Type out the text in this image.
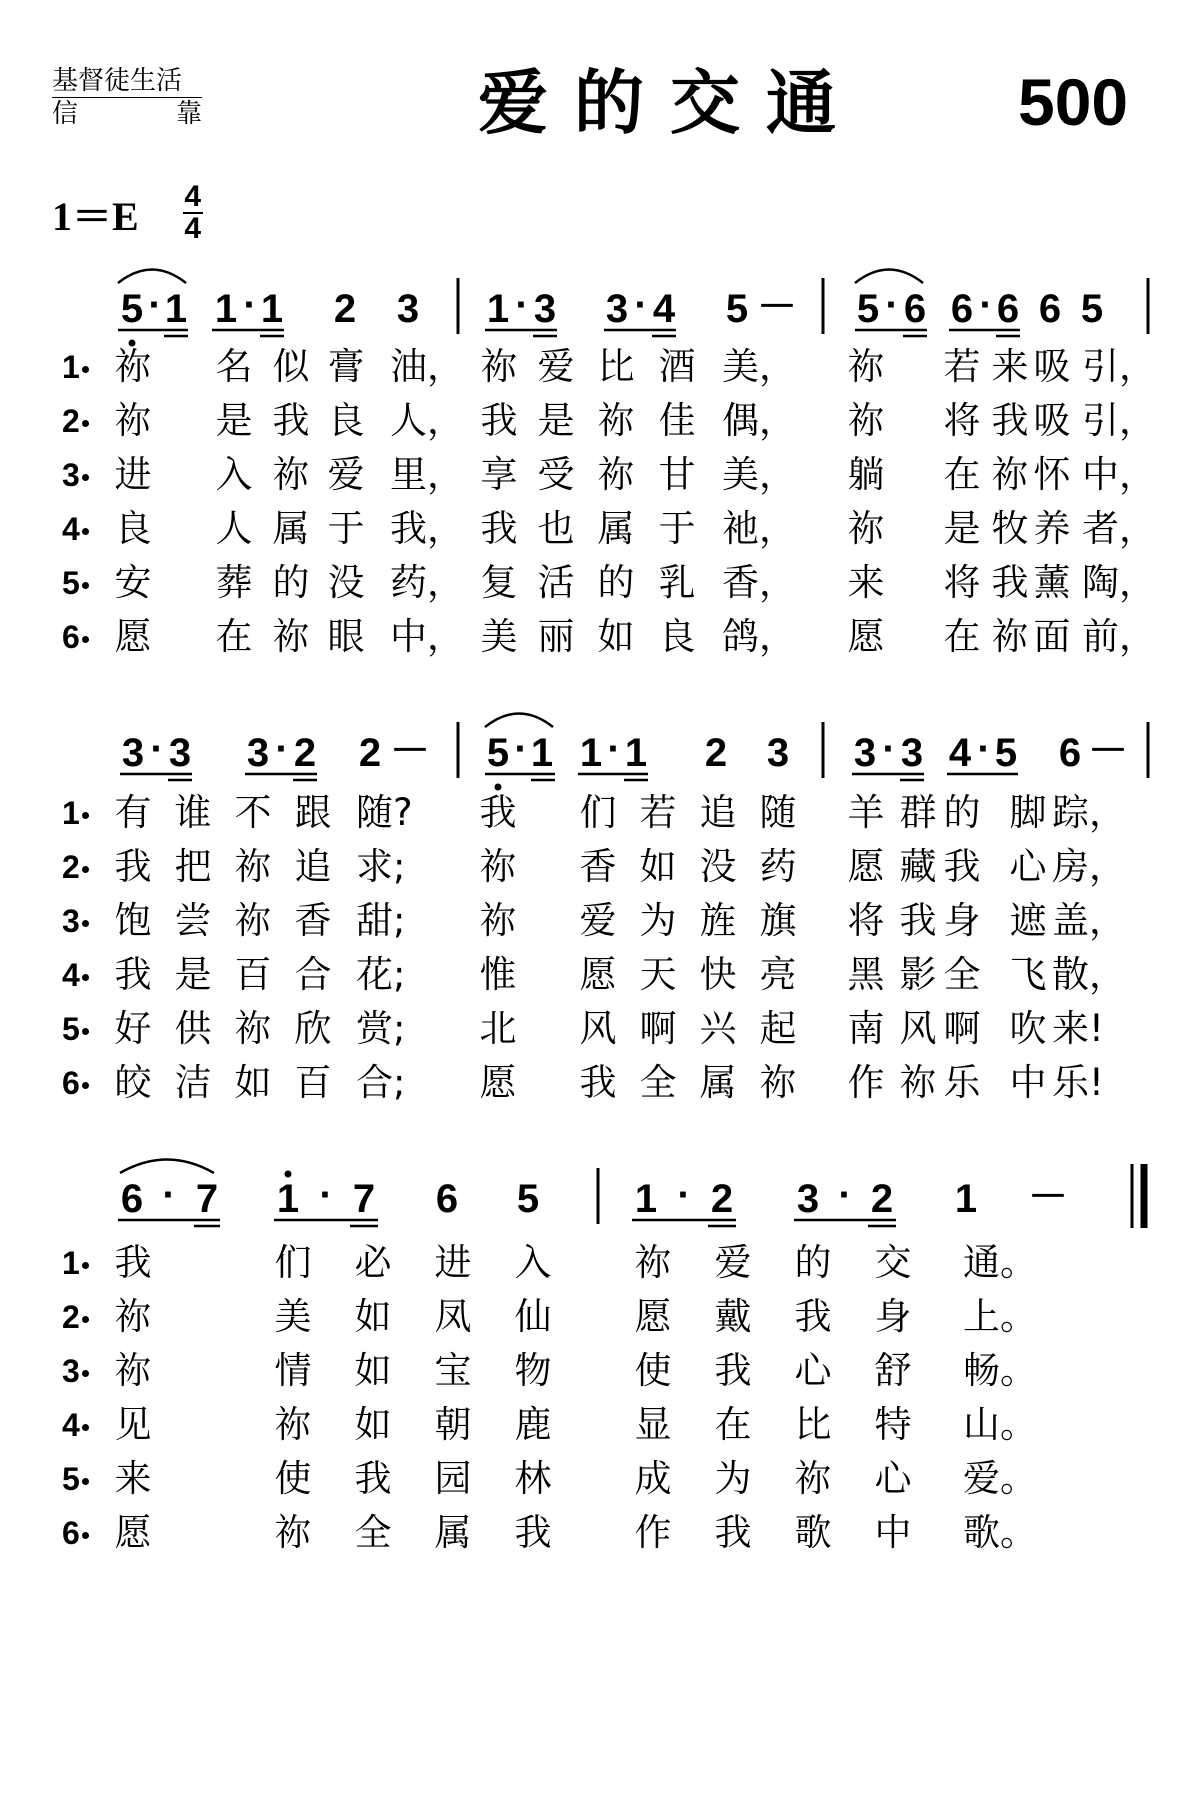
基督徒生活
信	靠	爱的交通	500
1＝E 4
4
5 · 1 1 · 1 2 3 1 · 3 3 · 4 5 － 5 · 6 6 · 6 6 5
1 祢 名 似 膏 油， 祢 爱 比 酒 美， 祢 若 来 吸 引，
2 祢 是 我 良 人， 我 是 祢 佳 偶， 祢 将 我 吸 引，
3 进 入 祢 爱 里， 享 受 祢 甘 美， 躺 在 祢 怀 中，
4 良 人 属 于 我， 我 也 属 于 祂， 祢 是 牧 养 者，
5 安 葬 的 没 药， 复 活 的 乳 香， 来 将 我 薰 陶，
6 愿 在 祢 眼 中， 美 丽 如 良 鸽， 愿 在 祢 面 前，
3 · 3 3 · 2 2 － 5 · 1 1 · 1 2 3 3 · 3 4 · 5 6 －
1 有 谁 不 跟 随? 我 们 若 追 随 羊 群 的 脚 踪，
2 我 把 祢 追 求; 祢 香 如 没 药 愿 藏 我 心 房，
3 饱 尝 祢 香 甜; 祢 爱 为 旌 旗 将 我 身 遮 盖，
4 我 是 百 合 花; 惟 愿 天 快 亮 黑 影 全 飞 散，
5 好 供 祢 欣 赏; 北 风 啊 兴 起 南 风 啊 吹 来!
6 皎 洁 如 百 合; 愿 我 全 属 祢 作 祢 乐 中 乐!
6 · 7 1 · 7 6 5 1 · 2 3 · 2 1 －
1 我	们 必 进 入 祢 爱 的 交 通。
2 祢	美 如 凤 仙 愿 戴 我 身 上。
3 祢	情 如 宝 物 使 我 心 舒 畅。
4 见	祢 如 朝 鹿 显 在 比 特 山。
5 来	使 我 园 林 成 为 祢 心 爱。
6 愿	祢 全 属 我 作 我 歌 中 歌。
